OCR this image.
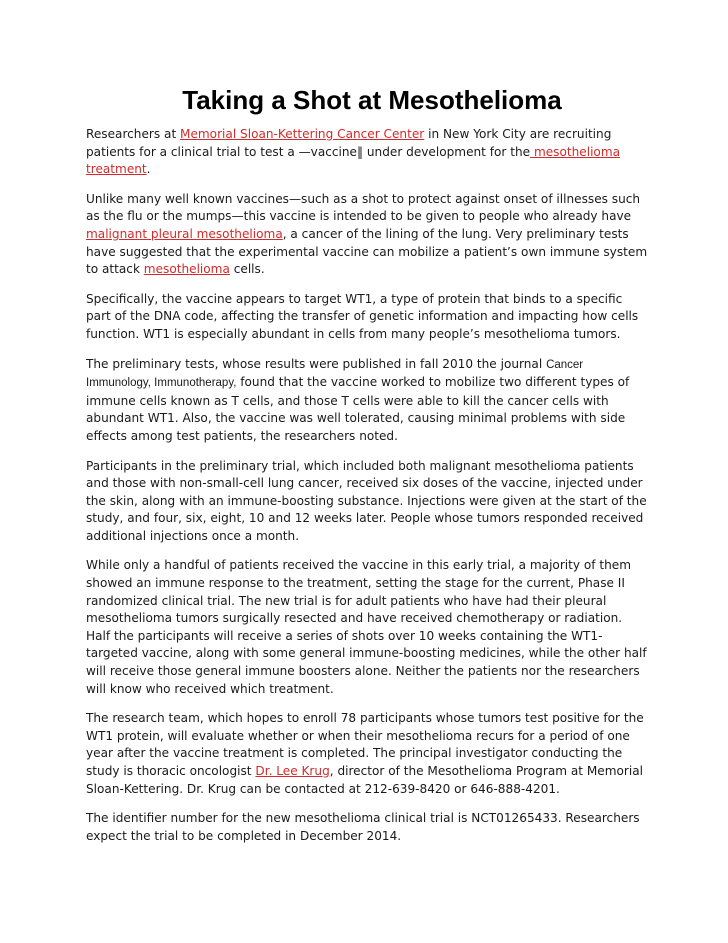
Taking a Shot at Mesothelioma

Researchers at Memorial Sloan-Kettering Cancer Center in New York City are recruiting patients for a clinical trial to test a —vaccine‖ under development for the mesothelioma treatment.

Unlike many well known vaccines—such as a shot to protect against onset of illnesses such as the flu or the mumps—this vaccine is intended to be given to people who already have malignant pleural mesothelioma, a cancer of the lining of the lung. Very preliminary tests have suggested that the experimental vaccine can mobilize a patient’s own immune system to attack mesothelioma cells.

Specifically, the vaccine appears to target WT1, a type of protein that binds to a specific part of the DNA code, affecting the transfer of genetic information and impacting how cells function. WT1 is especially abundant in cells from many people’s mesothelioma tumors.

The preliminary tests, whose results were published in fall 2010 the journal Cancer Immunology, Immunotherapy, found that the vaccine worked to mobilize two different types of immune cells known as T cells, and those T cells were able to kill the cancer cells with abundant WT1. Also, the vaccine was well tolerated, causing minimal problems with side effects among test patients, the researchers noted.

Participants in the preliminary trial, which included both malignant mesothelioma patients and those with non-small-cell lung cancer, received six doses of the vaccine, injected under the skin, along with an immune-boosting substance. Injections were given at the start of the study, and four, six, eight, 10 and 12 weeks later. People whose tumors responded received additional injections once a month.

While only a handful of patients received the vaccine in this early trial, a majority of them showed an immune response to the treatment, setting the stage for the current, Phase II randomized clinical trial. The new trial is for adult patients who have had their pleural mesothelioma tumors surgically resected and have received chemotherapy or radiation. Half the participants will receive a series of shots over 10 weeks containing the WT1-targeted vaccine, along with some general immune-boosting medicines, while the other half will receive those general immune boosters alone. Neither the patients nor the researchers will know who received which treatment.

The research team, which hopes to enroll 78 participants whose tumors test positive for the WT1 protein, will evaluate whether or when their mesothelioma recurs for a period of one year after the vaccine treatment is completed. The principal investigator conducting the study is thoracic oncologist Dr. Lee Krug, director of the Mesothelioma Program at Memorial Sloan-Kettering. Dr. Krug can be contacted at 212-639-8420 or 646-888-4201.

The identifier number for the new mesothelioma clinical trial is NCT01265433. Researchers expect the trial to be completed in December 2014.
